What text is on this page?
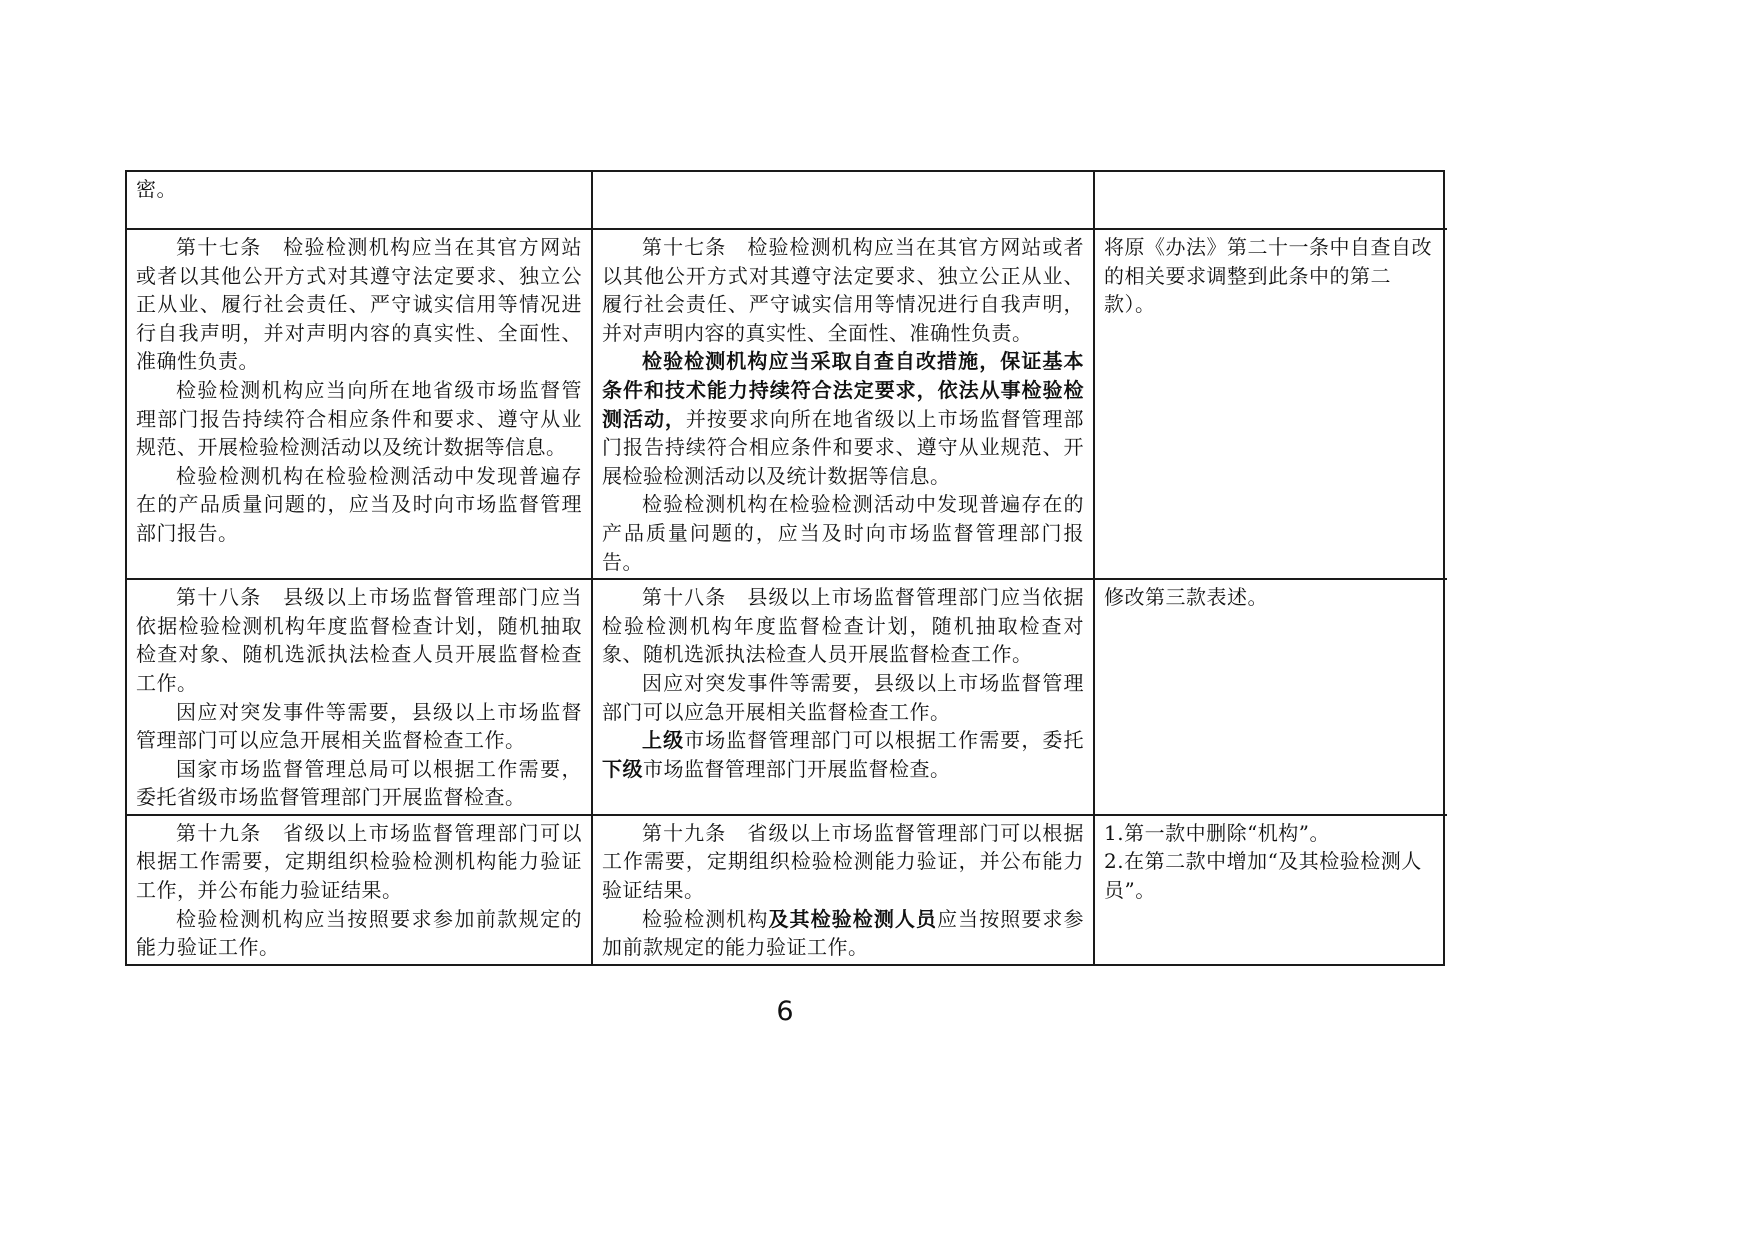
密。

第十七条　检验检测机构应当在其官方网站或者以其他公开方式对其遵守法定要求、独立公正从业、履行社会责任、严守诚实信用等情况进行自我声明，并对声明内容的真实性、全面性、准确性负责。

检验检测机构应当向所在地省级市场监督管理部门报告持续符合相应条件和要求、遵守从业规范、开展检验检测活动以及统计数据等信息。

检验检测机构在检验检测活动中发现普遍存在的产品质量问题的，应当及时向市场监督管理部门报告。

第十七条　检验检测机构应当在其官方网站或者以其他公开方式对其遵守法定要求、独立公正从业、履行社会责任、严守诚实信用等情况进行自我声明，并对声明内容的真实性、全面性、准确性负责。

检验检测机构应当采取自查自改措施，保证基本条件和技术能力持续符合法定要求，依法从事检验检测活动，并按要求向所在地省级以上市场监督管理部门报告持续符合相应条件和要求、遵守从业规范、开展检验检测活动以及统计数据等信息。

检验检测机构在检验检测活动中发现普遍存在的产品质量问题的，应当及时向市场监督管理部门报告。

将原《办法》第二十一条中自查自改的相关要求调整到此条中的第二款）。

第十八条　县级以上市场监督管理部门应当依据检验检测机构年度监督检查计划，随机抽取检查对象、随机选派执法检查人员开展监督检查工作。

因应对突发事件等需要，县级以上市场监督管理部门可以应急开展相关监督检查工作。

国家市场监督管理总局可以根据工作需要，委托省级市场监督管理部门开展监督检查。

第十八条　县级以上市场监督管理部门应当依据检验检测机构年度监督检查计划，随机抽取检查对象、随机选派执法检查人员开展监督检查工作。

因应对突发事件等需要，县级以上市场监督管理部门可以应急开展相关监督检查工作。

上级市场监督管理部门可以根据工作需要，委托下级市场监督管理部门开展监督检查。

修改第三款表述。

第十九条　省级以上市场监督管理部门可以根据工作需要，定期组织检验检测机构能力验证工作，并公布能力验证结果。

检验检测机构应当按照要求参加前款规定的能力验证工作。

第十九条　省级以上市场监督管理部门可以根据工作需要，定期组织检验检测能力验证，并公布能力验证结果。

检验检测机构及其检验检测人员应当按照要求参加前款规定的能力验证工作。

1.第一款中删除“机构”。

2.在第二款中增加“及其检验检测人员”。

6
